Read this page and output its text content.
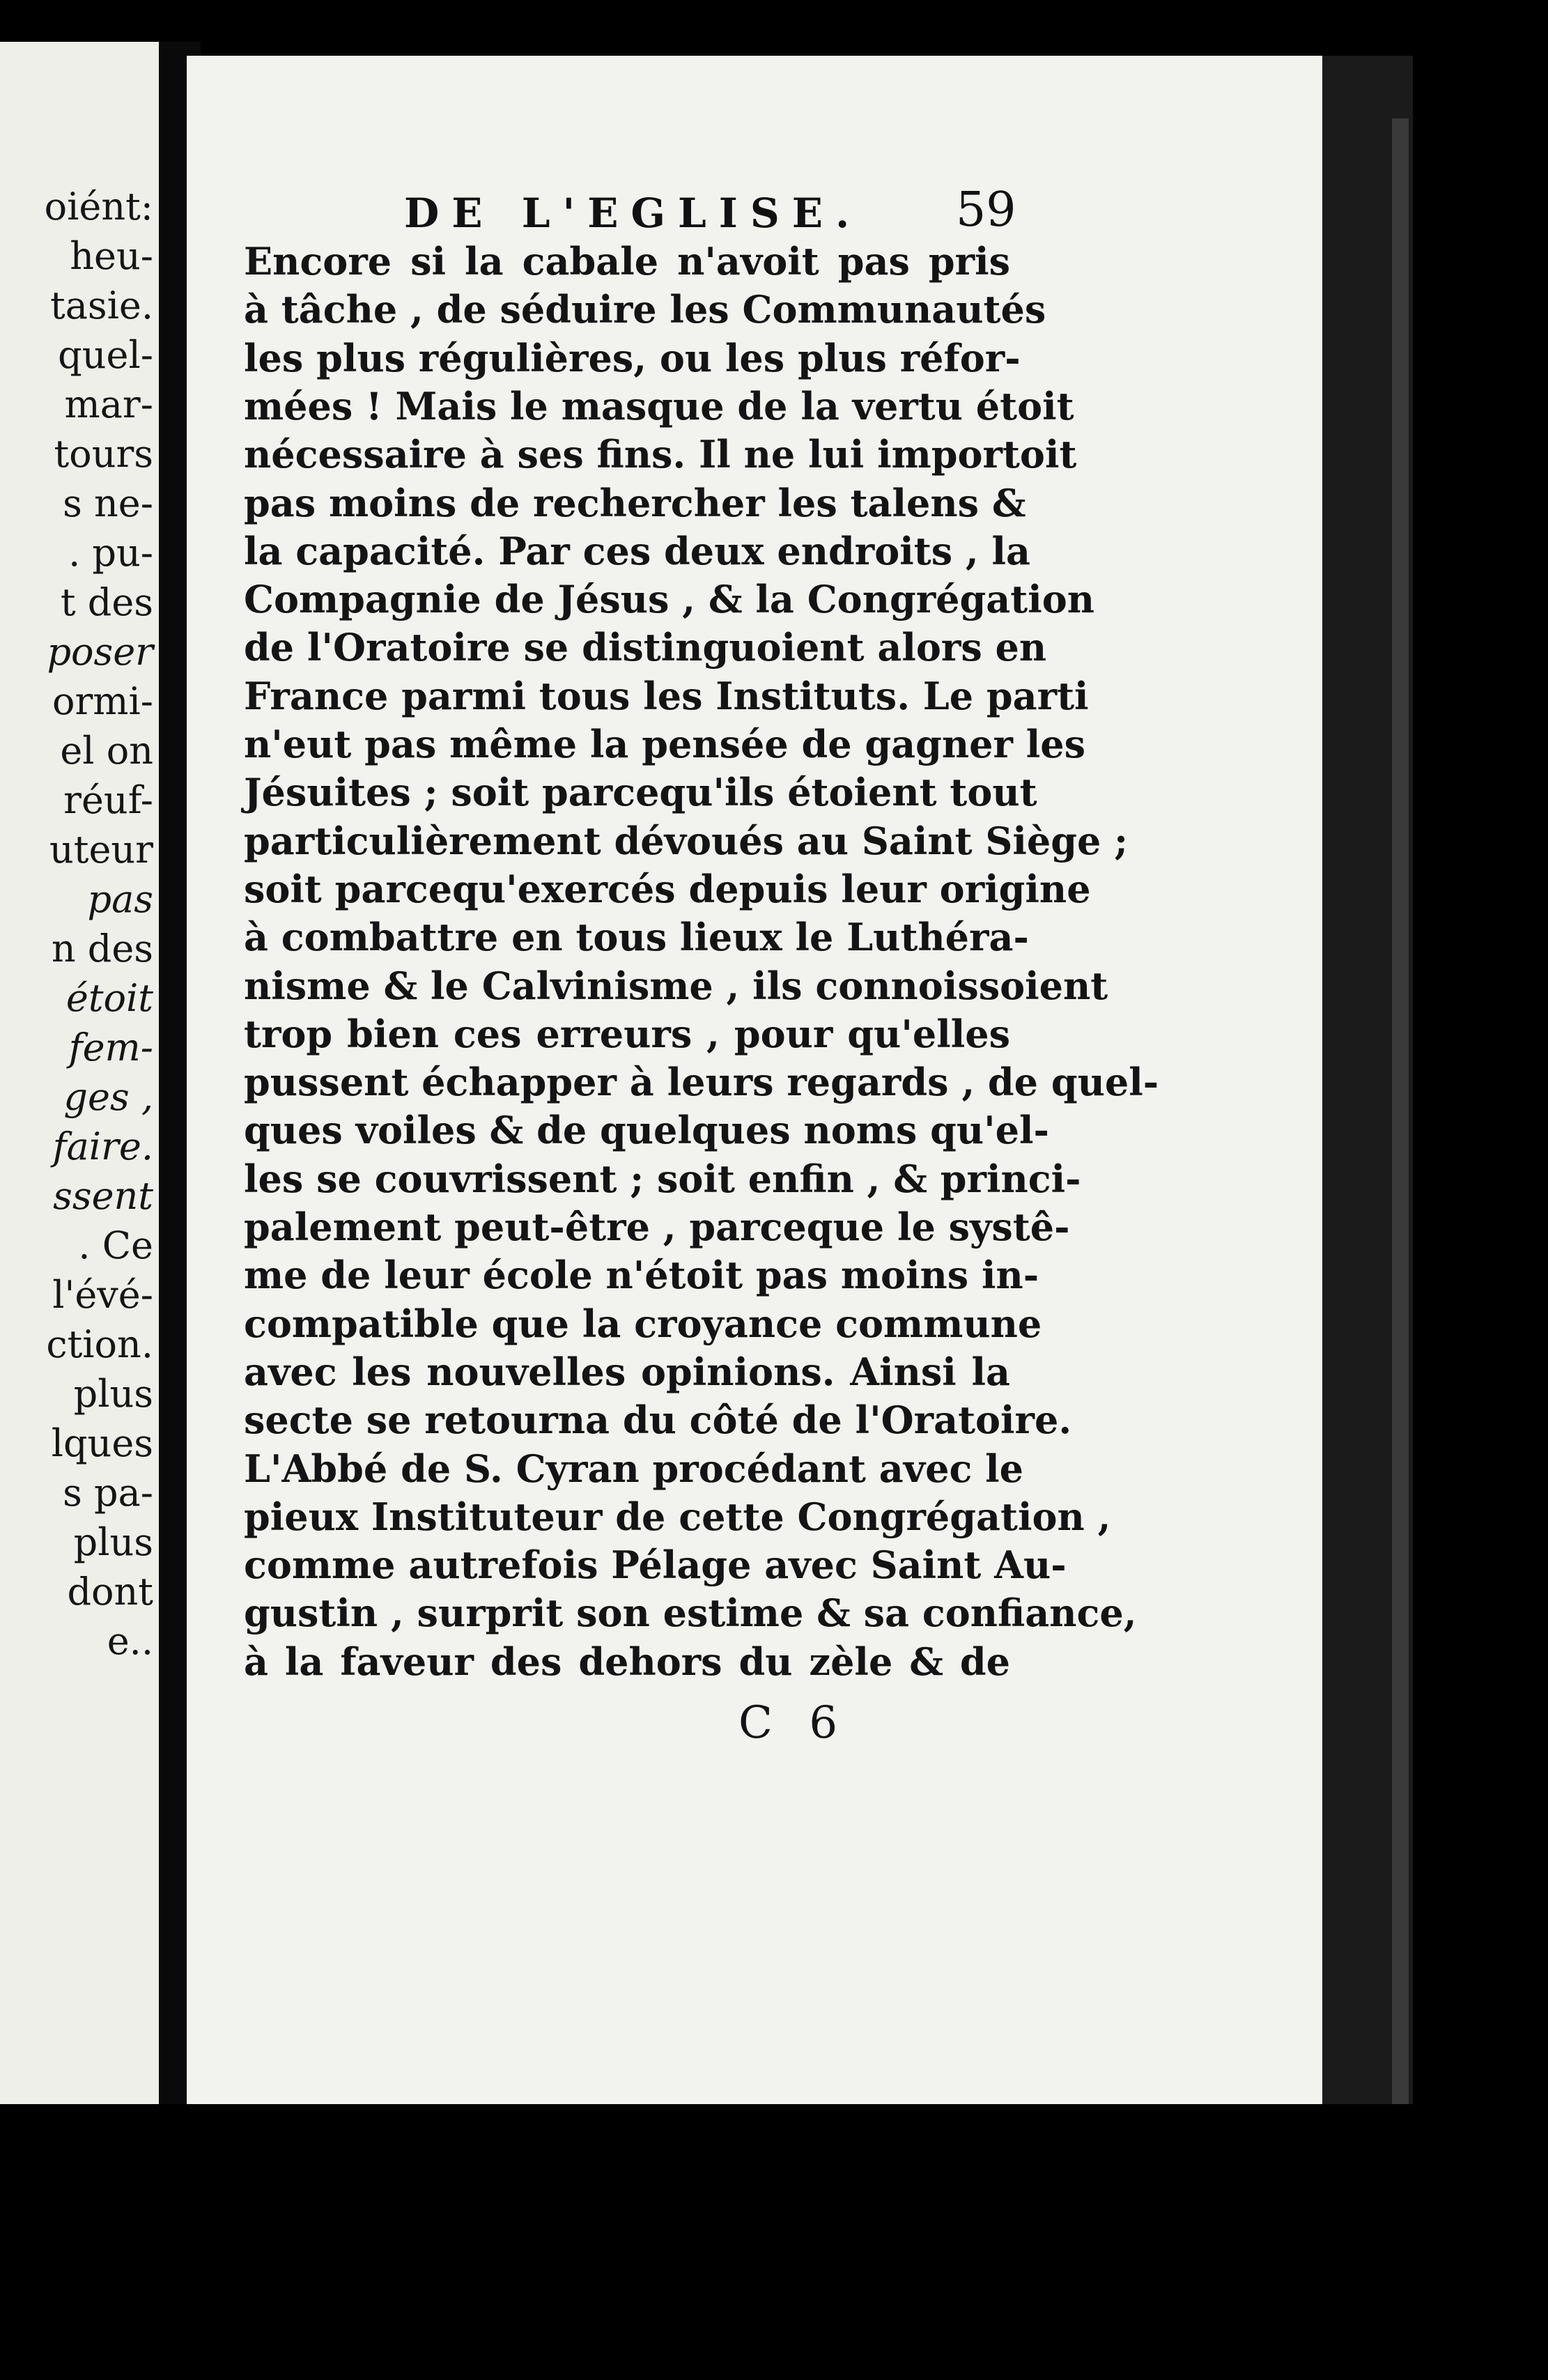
oiént:
heu-
tasie.
quel-
mar-
tours
s ne-
. pu-
t des
poser
ormi-
el on
réuf-
uteur
pas
n des
étoit
fem-
ges ,
faire.
ssent
. Ce
l'évé-
ction.
plus
lques
s pa-
plus
dont
e..
DE L'EGLISE. 59
Encore si la cabale n'avoit pas pris
à tâche , de séduire les Communautés
les plus régulières, ou les plus réfor-
mées ! Mais le masque de la vertu étoit
nécessaire à ses fins. Il ne lui importoit
pas moins de rechercher les talens &
la capacité. Par ces deux endroits , la
Compagnie de Jésus , & la Congrégation
de l'Oratoire se distinguoient alors en
France parmi tous les Instituts. Le parti
n'eut pas même la pensée de gagner les
Jésuites ; soit parcequ'ils étoient tout
particulièrement dévoués au Saint Siège ;
soit parcequ'exercés depuis leur origine
à combattre en tous lieux le Luthéra-
nisme & le Calvinisme , ils connoissoient
trop bien ces erreurs , pour qu'elles
pussent échapper à leurs regards , de quel-
ques voiles & de quelques noms qu'el-
les se couvrissent ; soit enfin , & princi-
palement peut-être , parceque le systê-
me de leur école n'étoit pas moins in-
compatible que la croyance commune
avec les nouvelles opinions. Ainsi la
secte se retourna du côté de l'Oratoire.
L'Abbé de S. Cyran procédant avec le
pieux Instituteur de cette Congrégation ,
comme autrefois Pélage avec Saint Au-
gustin , surprit son estime & sa confiance,
à la faveur des dehors du zèle & de
C 6
